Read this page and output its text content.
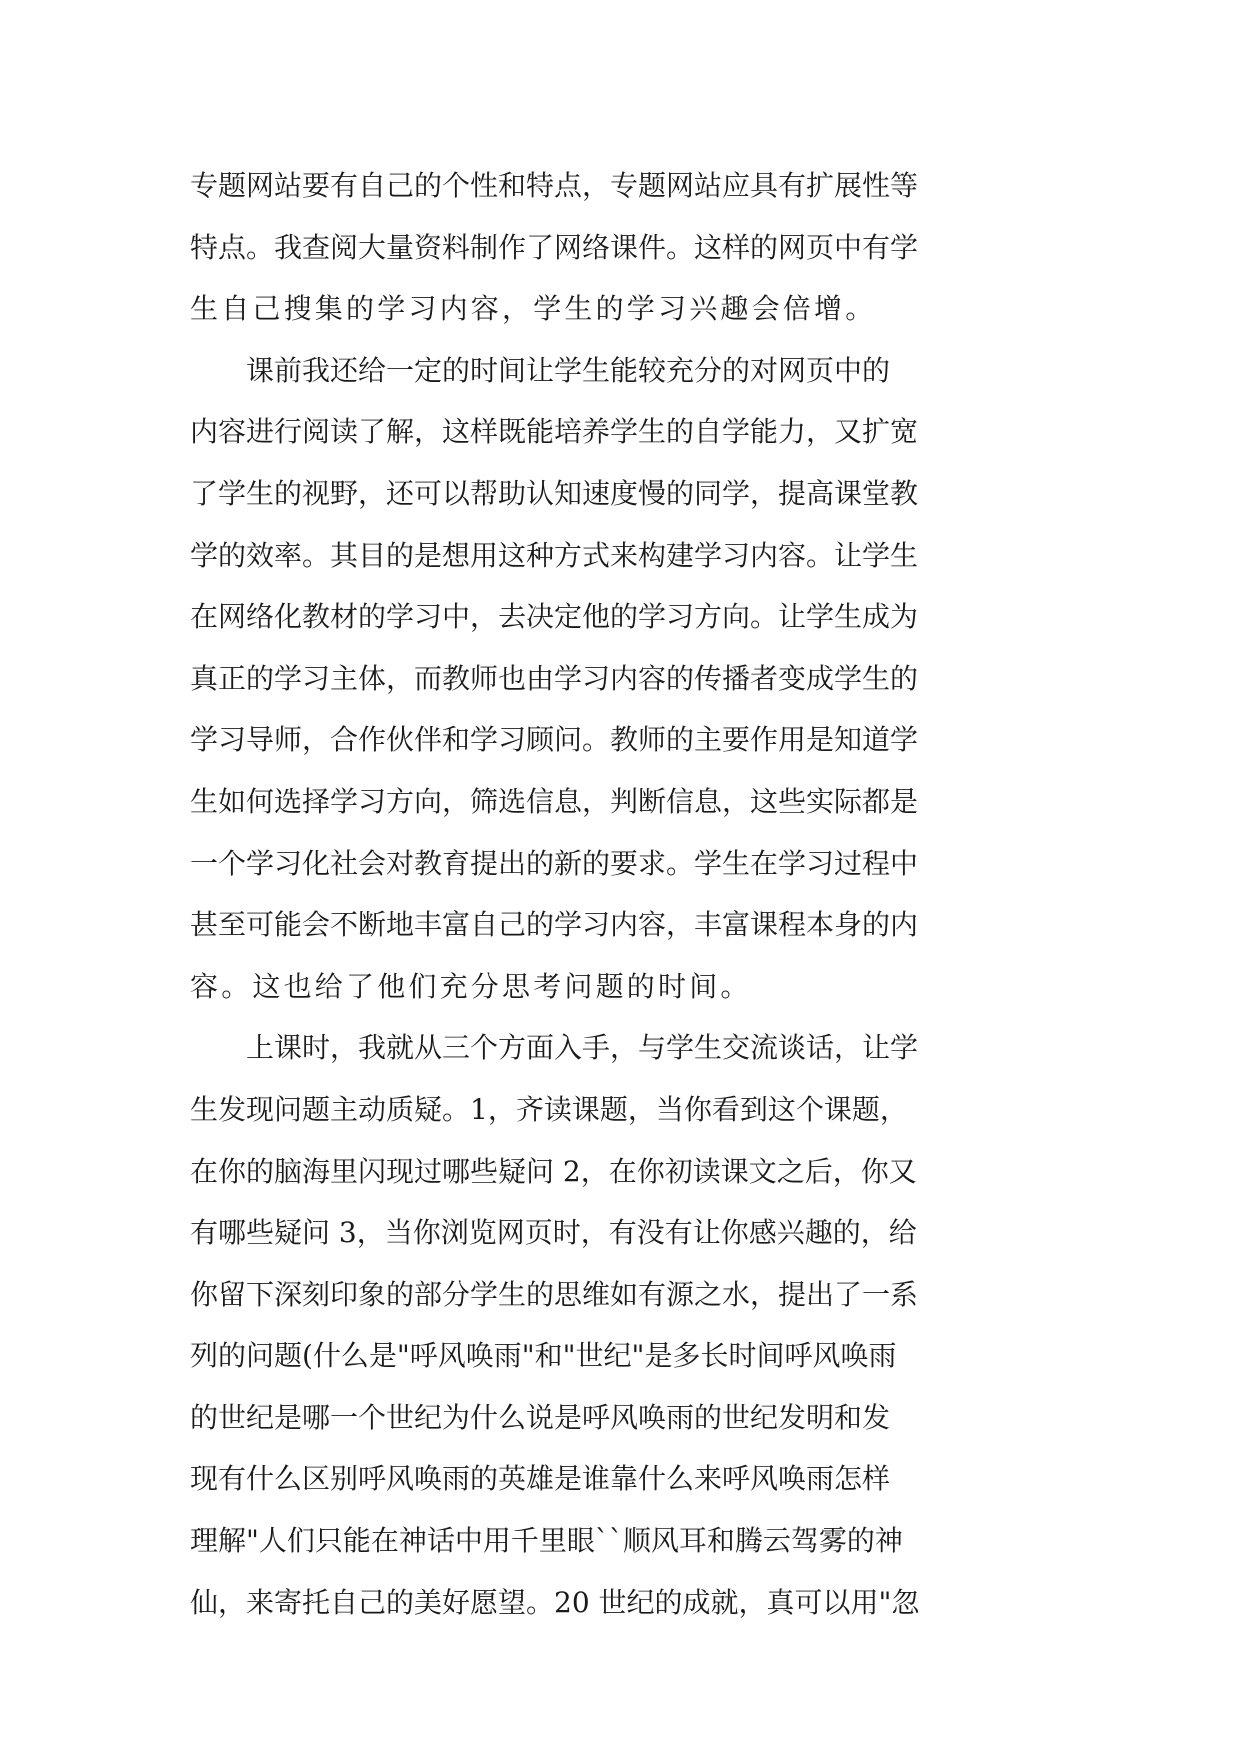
专题网站要有自己的个性和特点，专题网站应具有扩展性等
特点。我查阅大量资料制作了网络课件。这样的网页中有学
生自己搜集的学习内容，学生的学习兴趣会倍增。
　　课前我还给一定的时间让学生能较充分的对网页中的
内容进行阅读了解，这样既能培养学生的自学能力，又扩宽
了学生的视野，还可以帮助认知速度慢的同学，提高课堂教
学的效率。其目的是想用这种方式来构建学习内容。让学生
在网络化教材的学习中，去决定他的学习方向。让学生成为
真正的学习主体，而教师也由学习内容的传播者变成学生的
学习导师，合作伙伴和学习顾问。教师的主要作用是知道学
生如何选择学习方向，筛选信息，判断信息，这些实际都是
一个学习化社会对教育提出的新的要求。学生在学习过程中
甚至可能会不断地丰富自己的学习内容，丰富课程本身的内
容。这也给了他们充分思考问题的时间。
　　上课时，我就从三个方面入手，与学生交流谈话，让学
生发现问题主动质疑。1，齐读课题，当你看到这个课题，
在你的脑海里闪现过哪些疑问 2，在你初读课文之后，你又
有哪些疑问 3，当你浏览网页时，有没有让你感兴趣的，给
你留下深刻印象的部分学生的思维如有源之水，提出了一系
列的问题(什么是"呼风唤雨"和"世纪"是多长时间呼风唤雨
的世纪是哪一个世纪为什么说是呼风唤雨的世纪发明和发
现有什么区别呼风唤雨的英雄是谁靠什么来呼风唤雨怎样
理解"人们只能在神话中用千里眼``顺风耳和腾云驾雾的神
仙，来寄托自己的美好愿望。20 世纪的成就，真可以用"忽
